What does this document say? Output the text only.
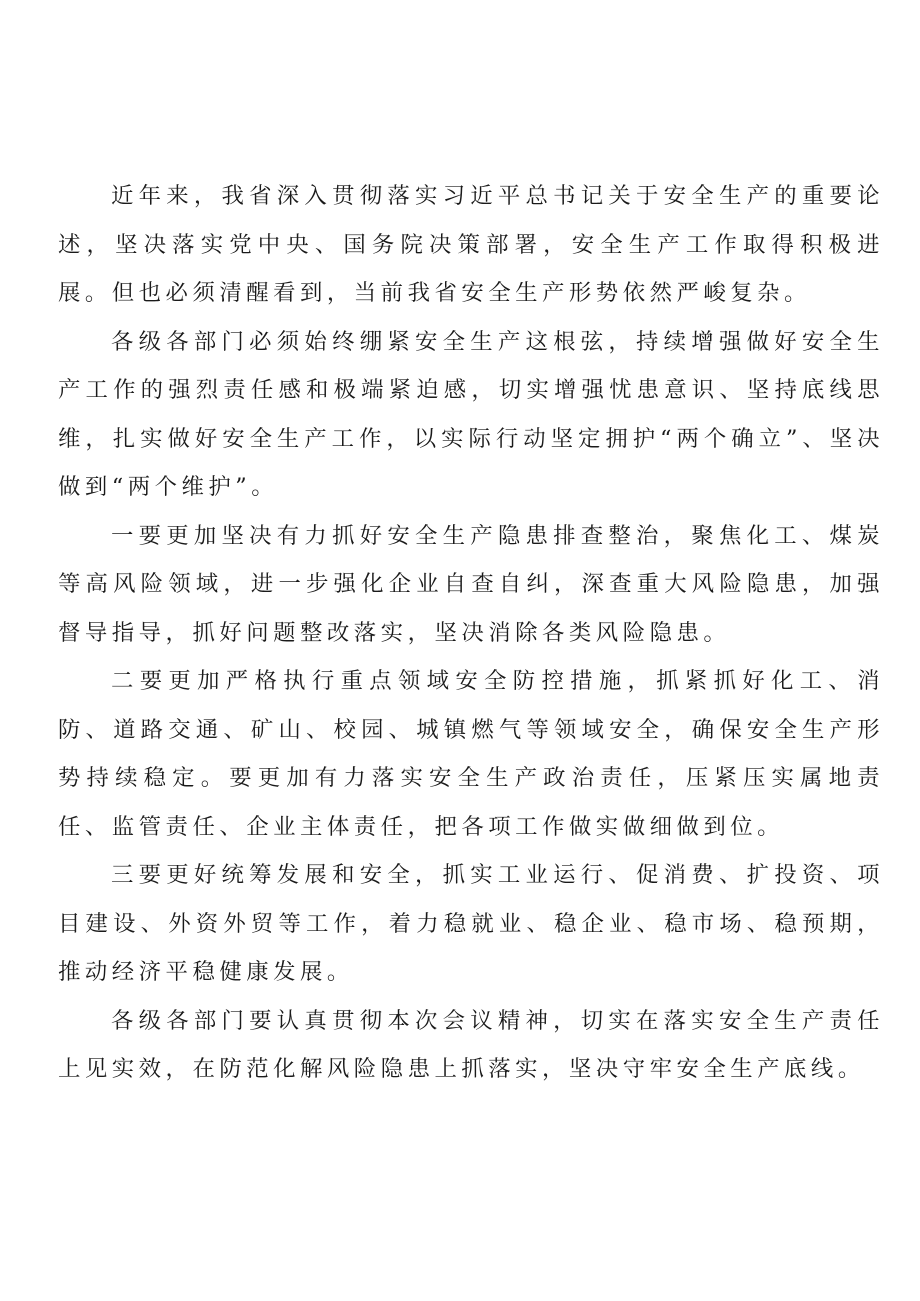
近年来，我省深入贯彻落实习近平总书记关于安全生产的重要论述，坚决落实党中央、国务院决策部署，安全生产工作取得积极进展。但也必须清醒看到，当前我省安全生产形势依然严峻复杂。

各级各部门必须始终绷紧安全生产这根弦，持续增强做好安全生产工作的强烈责任感和极端紧迫感，切实增强忧患意识、坚持底线思维，扎实做好安全生产工作，以实际行动坚定拥护“两个确立”、坚决做到“两个维护”。

一要更加坚决有力抓好安全生产隐患排查整治，聚焦化工、煤炭等高风险领域，进一步强化企业自查自纠，深查重大风险隐患，加强督导指导，抓好问题整改落实，坚决消除各类风险隐患。

二要更加严格执行重点领域安全防控措施，抓紧抓好化工、消防、道路交通、矿山、校园、城镇燃气等领域安全，确保安全生产形势持续稳定。要更加有力落实安全生产政治责任，压紧压实属地责任、监管责任、企业主体责任，把各项工作做实做细做到位。

三要更好统筹发展和安全，抓实工业运行、促消费、扩投资、项目建设、外资外贸等工作，着力稳就业、稳企业、稳市场、稳预期，推动经济平稳健康发展。

各级各部门要认真贯彻本次会议精神，切实在落实安全生产责任上见实效，在防范化解风险隐患上抓落实，坚决守牢安全生产底线。
